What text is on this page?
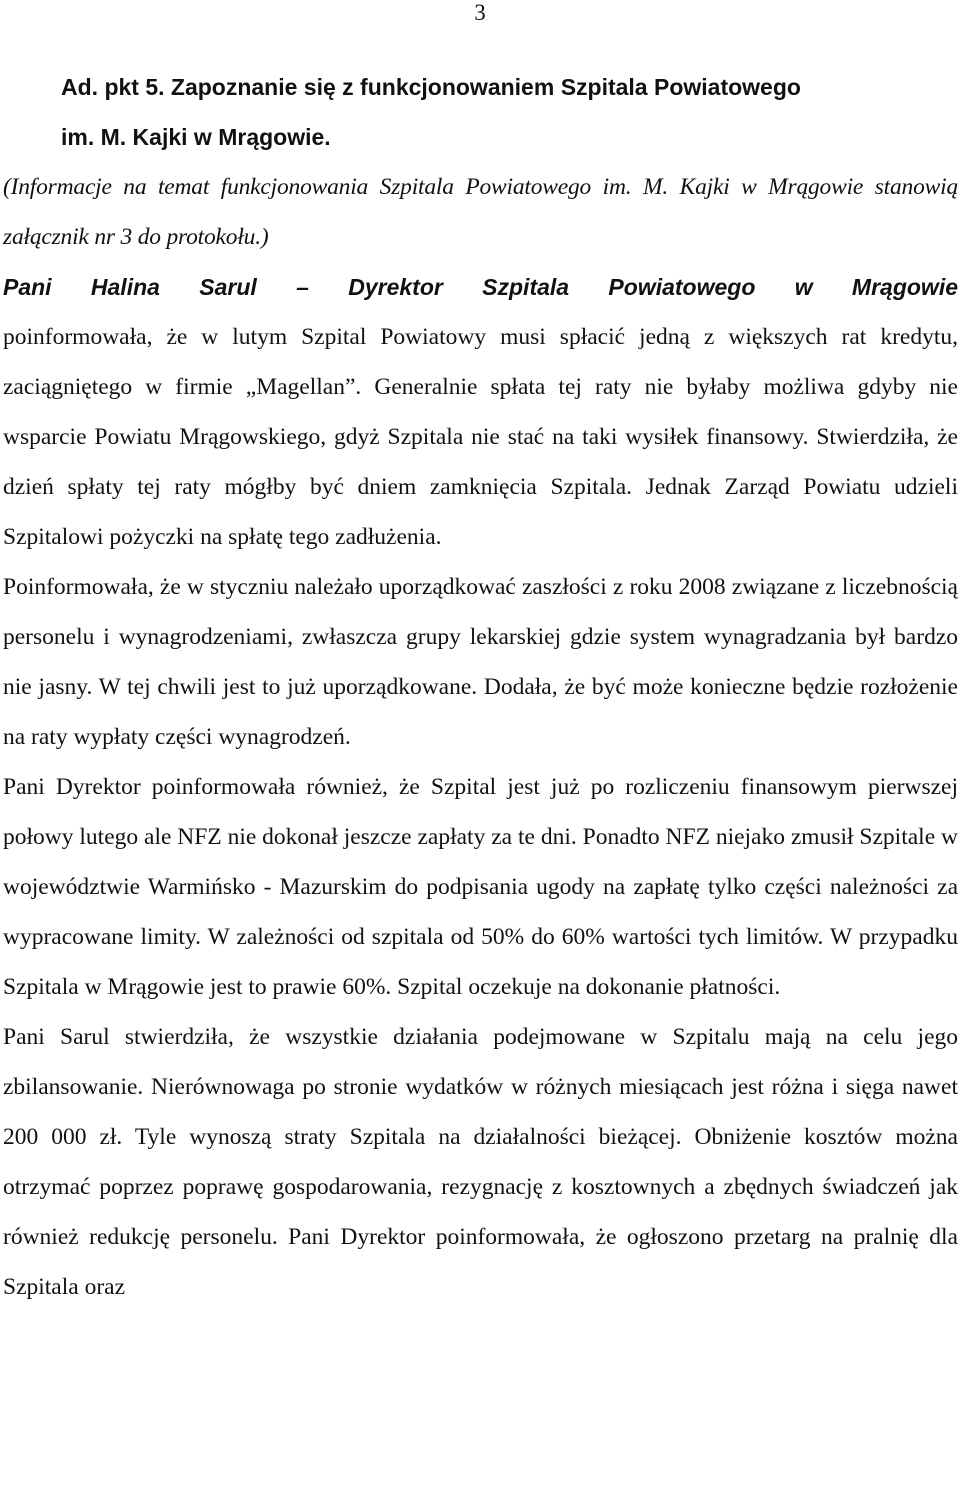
3
Ad. pkt 5. Zapoznanie się z funkcjonowaniem Szpitala Powiatowego
im. M. Kajki w Mrągowie.
(Informacje na temat funkcjonowania Szpitala Powiatowego im. M. Kajki w Mrągowie stanowią załącznik nr 3 do protokołu.)
Pani Halina Sarul – Dyrektor Szpitala Powiatowego w Mrągowie

poinformowała, że w lutym Szpital Powiatowy musi spłacić jedną z większych rat kredytu, zaciągniętego w firmie „Magellan”. Generalnie spłata tej raty nie byłaby możliwa gdyby nie wsparcie Powiatu Mrągowskiego, gdyż Szpitala nie stać na taki wysiłek finansowy. Stwierdziła, że dzień spłaty tej raty mógłby być dniem zamknięcia Szpitala. Jednak Zarząd Powiatu udzieli Szpitalowi pożyczki na spłatę tego zadłużenia.

Poinformowała, że w styczniu należało uporządkować zaszłości z roku 2008 związane z liczebnością personelu i wynagrodzeniami, zwłaszcza grupy lekarskiej gdzie system wynagradzania był bardzo nie jasny. W tej chwili jest to już uporządkowane. Dodała, że być może konieczne będzie rozłożenie na raty wypłaty części wynagrodzeń.

Pani Dyrektor poinformowała również, że Szpital jest już po rozliczeniu finansowym pierwszej połowy lutego ale NFZ nie dokonał jeszcze zapłaty za te dni. Ponadto NFZ niejako zmusił Szpitale w województwie Warmińsko - Mazurskim do podpisania ugody na zapłatę tylko części należności za wypracowane limity. W zależności od szpitala od 50% do 60% wartości tych limitów. W przypadku Szpitala w Mrągowie jest to prawie 60%. Szpital oczekuje na dokonanie płatności.

Pani Sarul stwierdziła, że wszystkie działania podejmowane w Szpitalu mają na celu jego zbilansowanie. Nierównowaga po stronie wydatków w różnych miesiącach jest różna i sięga nawet 200 000 zł. Tyle wynoszą straty Szpitala na działalności bieżącej. Obniżenie kosztów można otrzymać poprzez poprawę gospodarowania, rezygnację z kosztownych a zbędnych świadczeń jak również redukcję personelu. Pani Dyrektor poinformowała, że ogłoszono przetarg na pralnię dla Szpitala oraz
